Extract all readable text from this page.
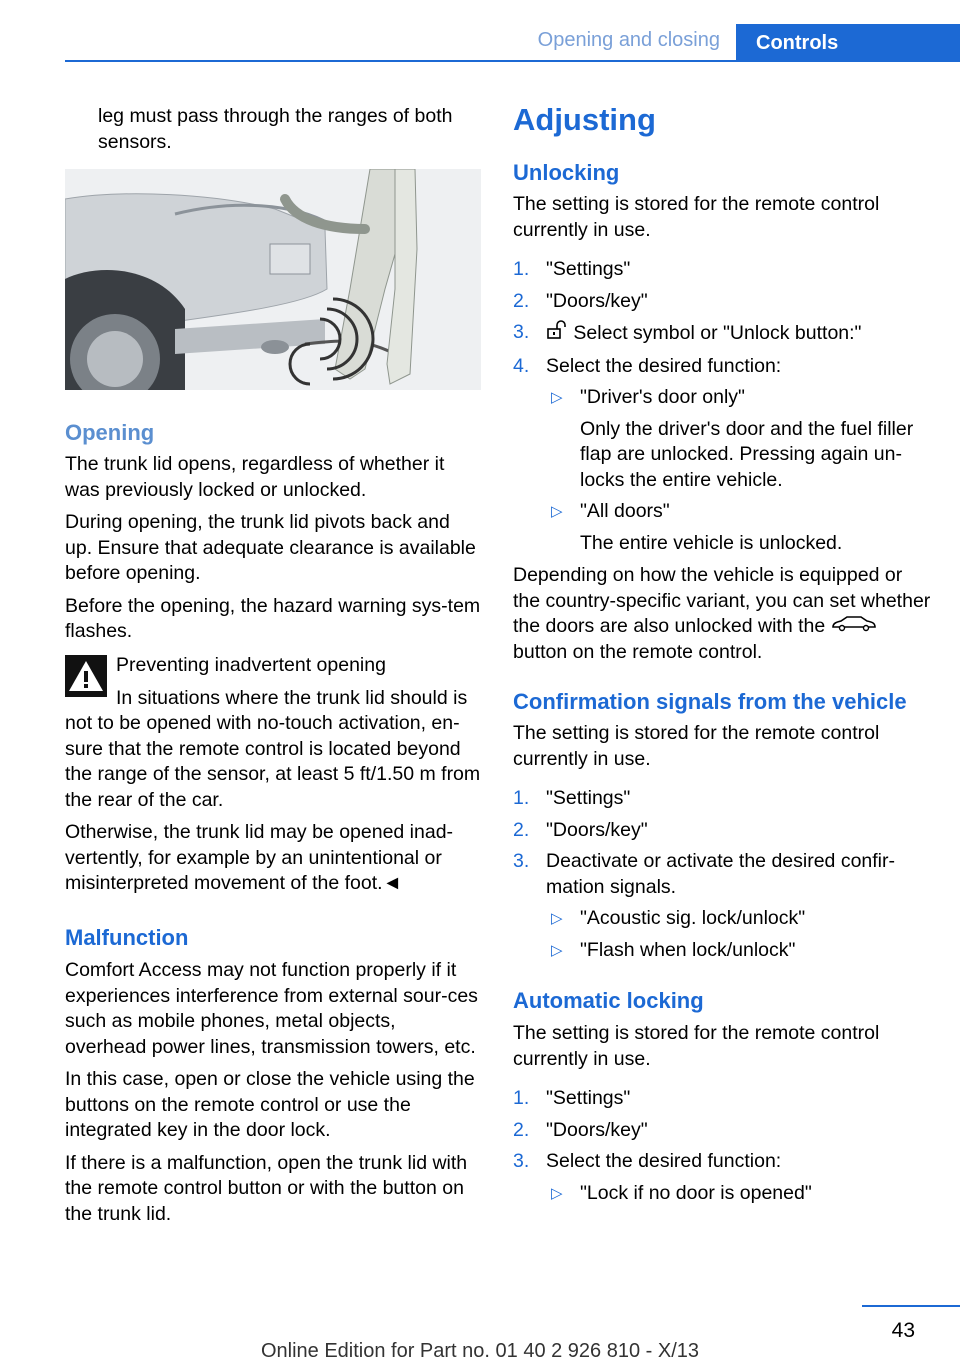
Opening and closing	Controls

leg must pass through the ranges of both sensors.

Opening

The trunk lid opens, regardless of whether it was previously locked or unlocked.

During opening, the trunk lid pivots back and up. Ensure that adequate clearance is available before opening.

Before the opening, the hazard warning sys-tem flashes.

Preventing inadvertent opening

In situations where the trunk lid should is not to be opened with no-touch activation, en-sure that the remote control is located beyond the range of the sensor, at least 5 ft/1.50 m from the rear of the car.

Otherwise, the trunk lid may be opened inad-vertently, for example by an unintentional or misinterpreted movement of the foot.◄

Malfunction

Comfort Access may not function properly if it experiences interference from external sour-ces such as mobile phones, metal objects, overhead power lines, transmission towers, etc.

In this case, open or close the vehicle using the buttons on the remote control or use the integrated key in the door lock.

If there is a malfunction, open the trunk lid with the remote control button or with the button on the trunk lid.

Adjusting

Unlocking

The setting is stored for the remote control currently in use.

1. "Settings"
2. "Doors/key"
3. Select symbol or "Unlock button:"
4. Select the desired function:
▷ "Driver's door only"

Only the driver's door and the fuel filler flap are unlocked. Pressing again un-locks the entire vehicle.

▷ "All doors"

The entire vehicle is unlocked.

Depending on how the vehicle is equipped or the country-specific variant, you can set whether the doors are also unlocked with the  button on the remote control.

Confirmation signals from the vehicle

The setting is stored for the remote control currently in use.

1. "Settings"
2. "Doors/key"
3. Deactivate or activate the desired confir-mation signals.
▷ "Acoustic sig. lock/unlock"
▷ "Flash when lock/unlock"

Automatic locking

The setting is stored for the remote control currently in use.

1. "Settings"
2. "Doors/key"
3. Select the desired function:
▷ "Lock if no door is opened"
43
Online Edition for Part no. 01 40 2 926 810 - X/13
